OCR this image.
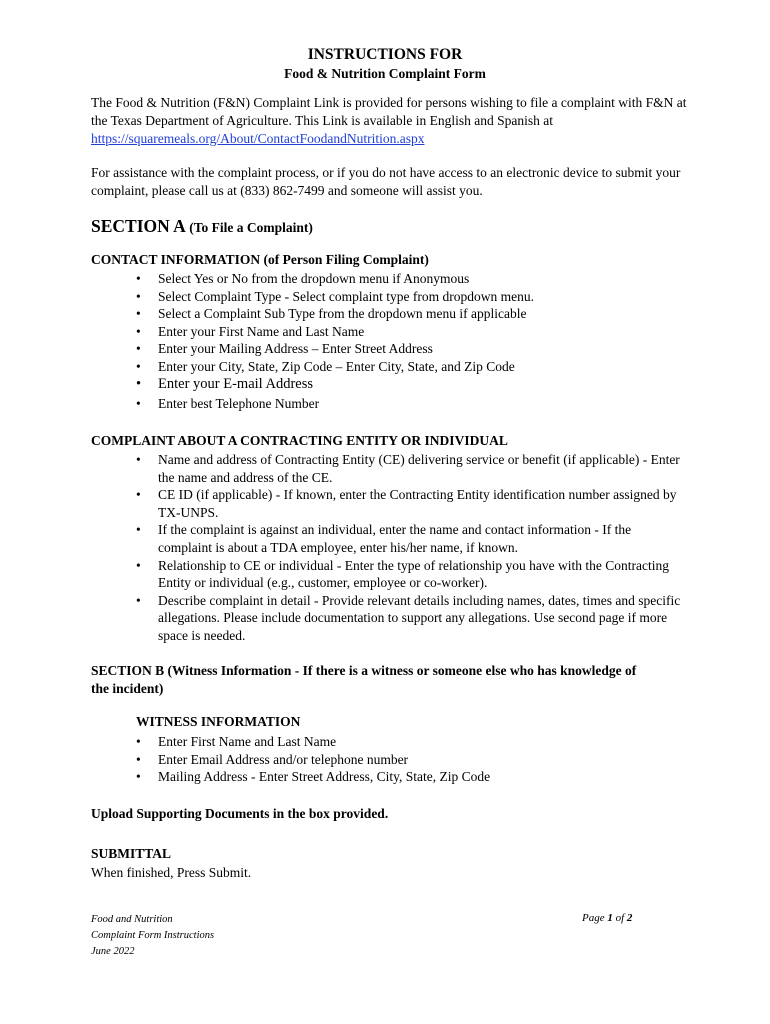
INSTRUCTIONS FOR
Food & Nutrition Complaint Form
The Food & Nutrition (F&N) Complaint Link is provided for persons wishing to file a complaint with F&N at the Texas Department of Agriculture. This Link is available in English and Spanish at https://squaremeals.org/About/ContactFoodandNutrition.aspx
For assistance with the complaint process, or if you do not have access to an electronic device to submit your complaint, please call us at (833) 862-7499 and someone will assist you.
SECTION A (To File a Complaint)
CONTACT INFORMATION (of Person Filing Complaint)
• Select Yes or No from the dropdown menu if Anonymous
• Select Complaint Type - Select complaint type from dropdown menu.
• Select a Complaint Sub Type from the dropdown menu if applicable
• Enter your First Name and Last Name
• Enter your Mailing Address – Enter Street Address
• Enter your City, State, Zip Code – Enter City, State, and Zip Code
• Enter your E-mail Address
• Enter best Telephone Number
COMPLAINT ABOUT A CONTRACTING ENTITY OR INDIVIDUAL
• Name and address of Contracting Entity (CE) delivering service or benefit (if applicable) - Enter the name and address of the CE.
• CE ID (if applicable) - If known, enter the Contracting Entity identification number assigned by TX-UNPS.
• If the complaint is against an individual, enter the name and contact information - If the complaint is about a TDA employee, enter his/her name, if known.
• Relationship to CE or individual - Enter the type of relationship you have with the Contracting Entity or individual (e.g., customer, employee or co-worker).
• Describe complaint in detail - Provide relevant details including names, dates, times and specific allegations. Please include documentation to support any allegations. Use second page if more space is needed.
SECTION B (Witness Information - If there is a witness or someone else who has knowledge of the incident)
WITNESS INFORMATION
• Enter First Name and Last Name
• Enter Email Address and/or telephone number
• Mailing Address - Enter Street Address, City, State, Zip Code
Upload Supporting Documents in the box provided.
SUBMITTAL
When finished, Press Submit.
Food and Nutrition
Complaint Form Instructions
June 2022
Page 1 of 2
